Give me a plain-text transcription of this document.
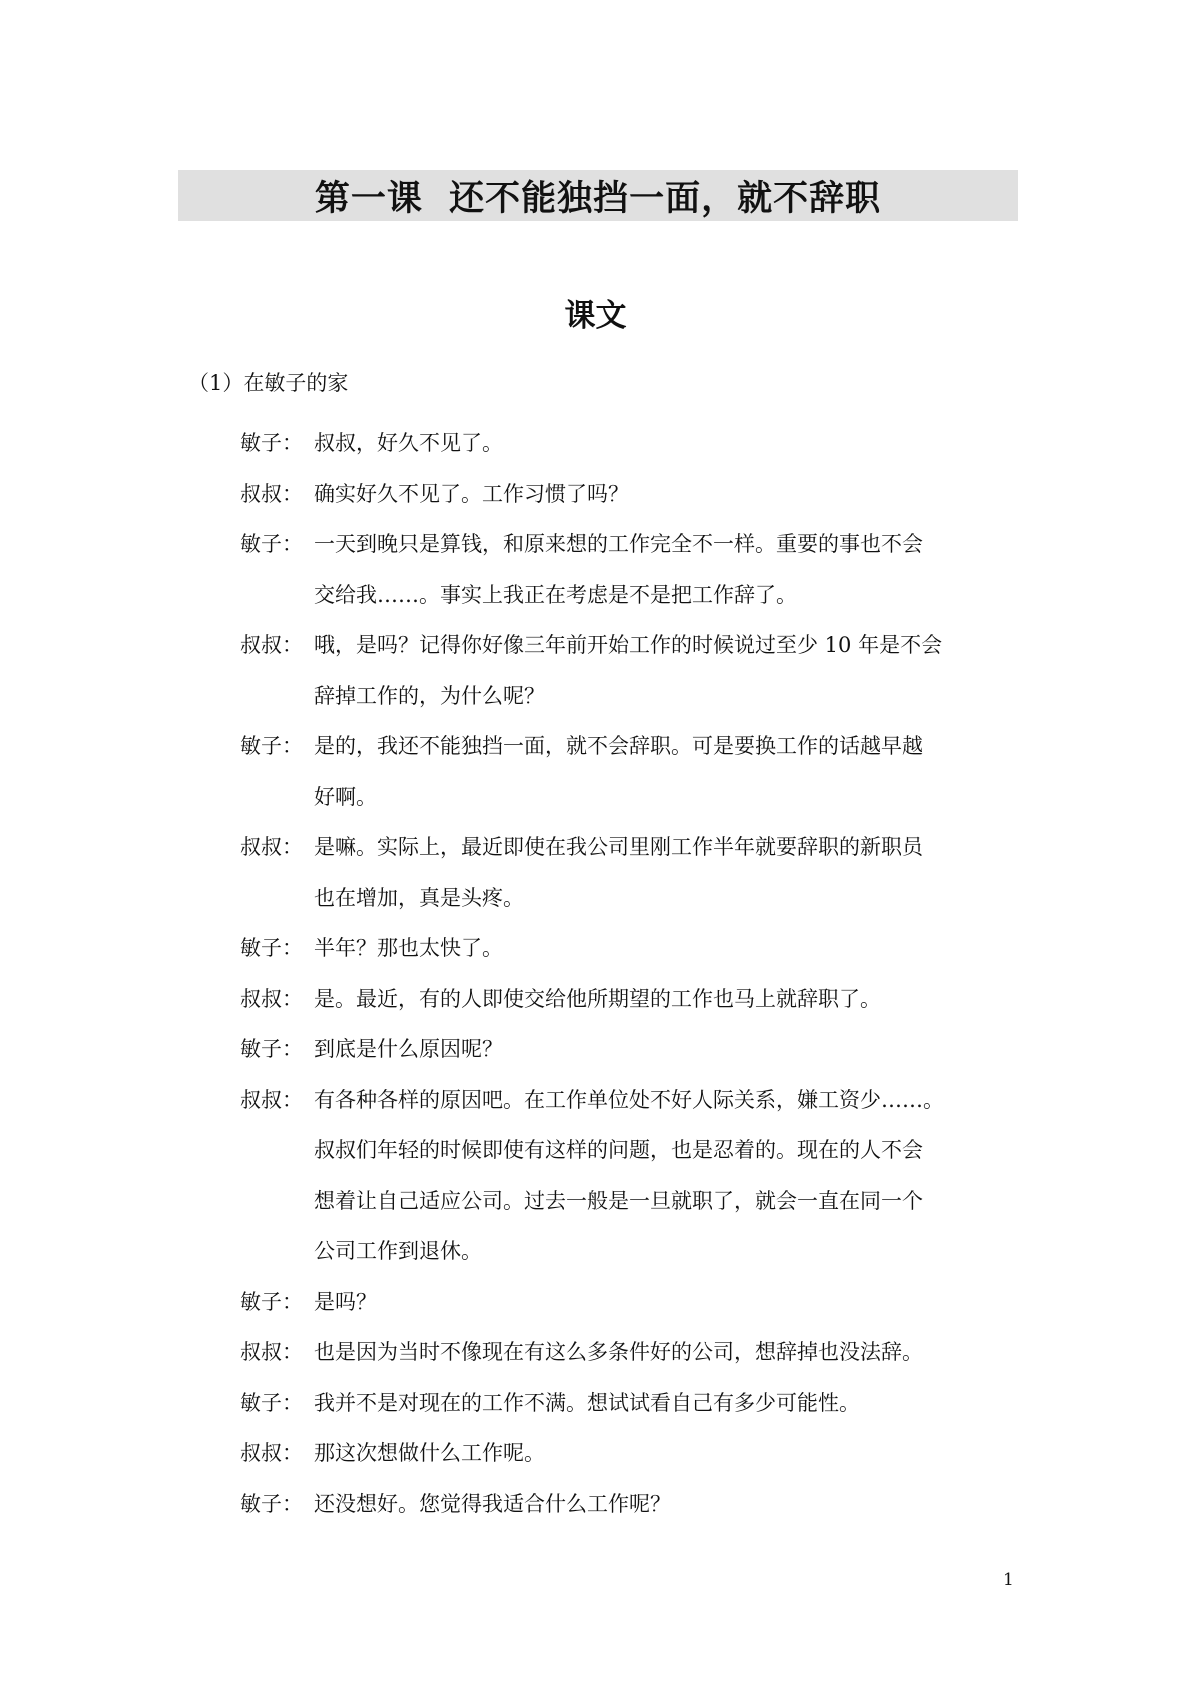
第一课  还不能独挡一面，就不辞职
课文
（1）在敏子的家
敏子： 叔叔，好久不见了。
叔叔： 确实好久不见了。工作习惯了吗？
敏子： 一天到晚只是算钱，和原来想的工作完全不一样。重要的事也不会
交给我……。事实上我正在考虑是不是把工作辞了。
叔叔： 哦，是吗？记得你好像三年前开始工作的时候说过至少 10 年是不会
辞掉工作的，为什么呢？
敏子： 是的，我还不能独挡一面，就不会辞职。可是要换工作的话越早越
好啊。
叔叔： 是嘛。实际上，最近即使在我公司里刚工作半年就要辞职的新职员
也在增加，真是头疼。
敏子： 半年？那也太快了。
叔叔： 是。最近，有的人即使交给他所期望的工作也马上就辞职了。
敏子： 到底是什么原因呢？
叔叔： 有各种各样的原因吧。在工作单位处不好人际关系，嫌工资少……。
叔叔们年轻的时候即使有这样的问题，也是忍着的。现在的人不会
想着让自己适应公司。过去一般是一旦就职了，就会一直在同一个
公司工作到退休。
敏子： 是吗？
叔叔： 也是因为当时不像现在有这么多条件好的公司，想辞掉也没法辞。
敏子： 我并不是对现在的工作不满。想试试看自己有多少可能性。
叔叔： 那这次想做什么工作呢。
敏子： 还没想好。您觉得我适合什么工作呢？
1
